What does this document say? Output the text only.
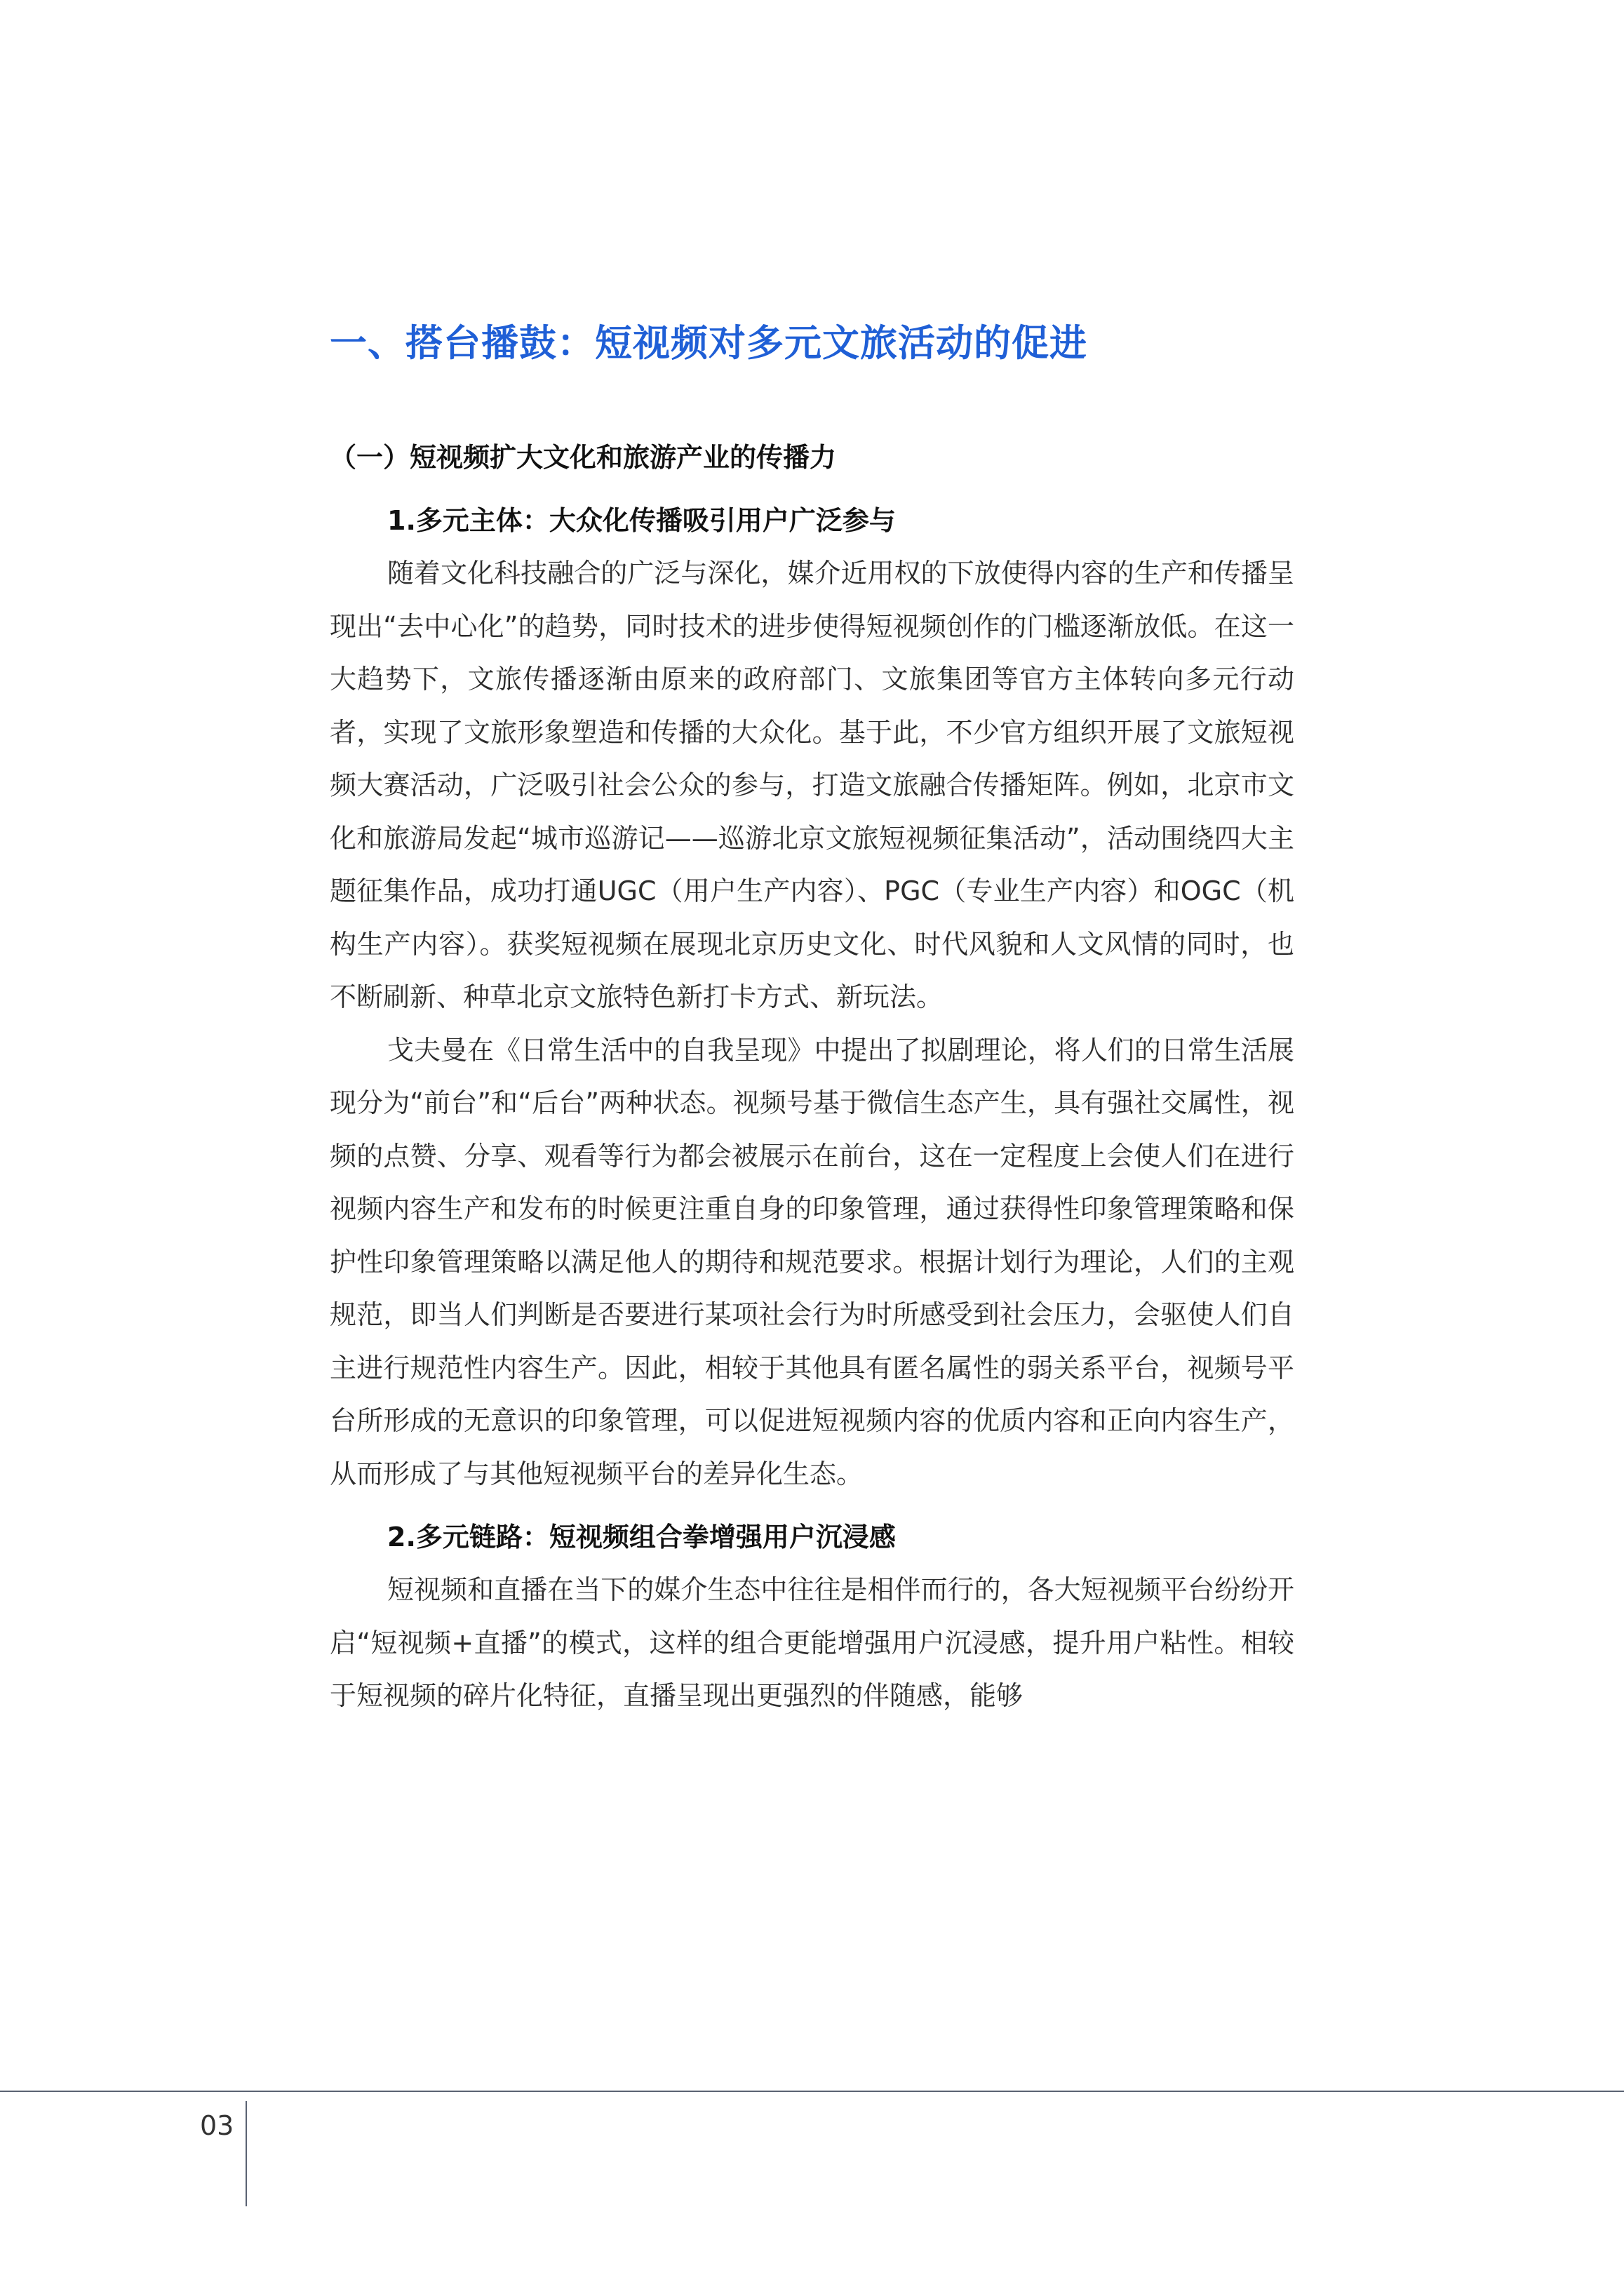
一、搭台播鼓：短视频对多元文旅活动的促进
（一）短视频扩大文化和旅游产业的传播力
1.多元主体：大众化传播吸引用户广泛参与

随着文化科技融合的广泛与深化，媒介近用权的下放使得内容的生产和传播呈现出“去中心化”的趋势，同时技术的进步使得短视频创作的门槛逐渐放低。在这一大趋势下，文旅传播逐渐由原来的政府部门、文旅集团等官方主体转向多元行动者，实现了文旅形象塑造和传播的大众化。基于此，不少官方组织开展了文旅短视频大赛活动，广泛吸引社会公众的参与，打造文旅融合传播矩阵。例如，北京市文化和旅游局发起“城市巡游记——巡游北京文旅短视频征集活动”，活动围绕四大主题征集作品，成功打通UGC（用户生产内容）、PGC（专业生产内容）和OGC（机构生产内容）。获奖短视频在展现北京历史文化、时代风貌和人文风情的同时，也不断刷新、种草北京文旅特色新打卡方式、新玩法。

戈夫曼在《日常生活中的自我呈现》中提出了拟剧理论，将人们的日常生活展现分为“前台”和“后台”两种状态。视频号基于微信生态产生，具有强社交属性，视频的点赞、分享、观看等行为都会被展示在前台，这在一定程度上会使人们在进行视频内容生产和发布的时候更注重自身的印象管理，通过获得性印象管理策略和保护性印象管理策略以满足他人的期待和规范要求。根据计划行为理论，人们的主观规范，即当人们判断是否要进行某项社会行为时所感受到社会压力，会驱使人们自主进行规范性内容生产。因此，相较于其他具有匿名属性的弱关系平台，视频号平台所形成的无意识的印象管理，可以促进短视频内容的优质内容和正向内容生产，从而形成了与其他短视频平台的差异化生态。

2.多元链路：短视频组合拳增强用户沉浸感

短视频和直播在当下的媒介生态中往往是相伴而行的，各大短视频平台纷纷开启“短视频+直播”的模式，这样的组合更能增强用户沉浸感，提升用户粘性。相较于短视频的碎片化特征，直播呈现出更强烈的伴随感，能够

03
